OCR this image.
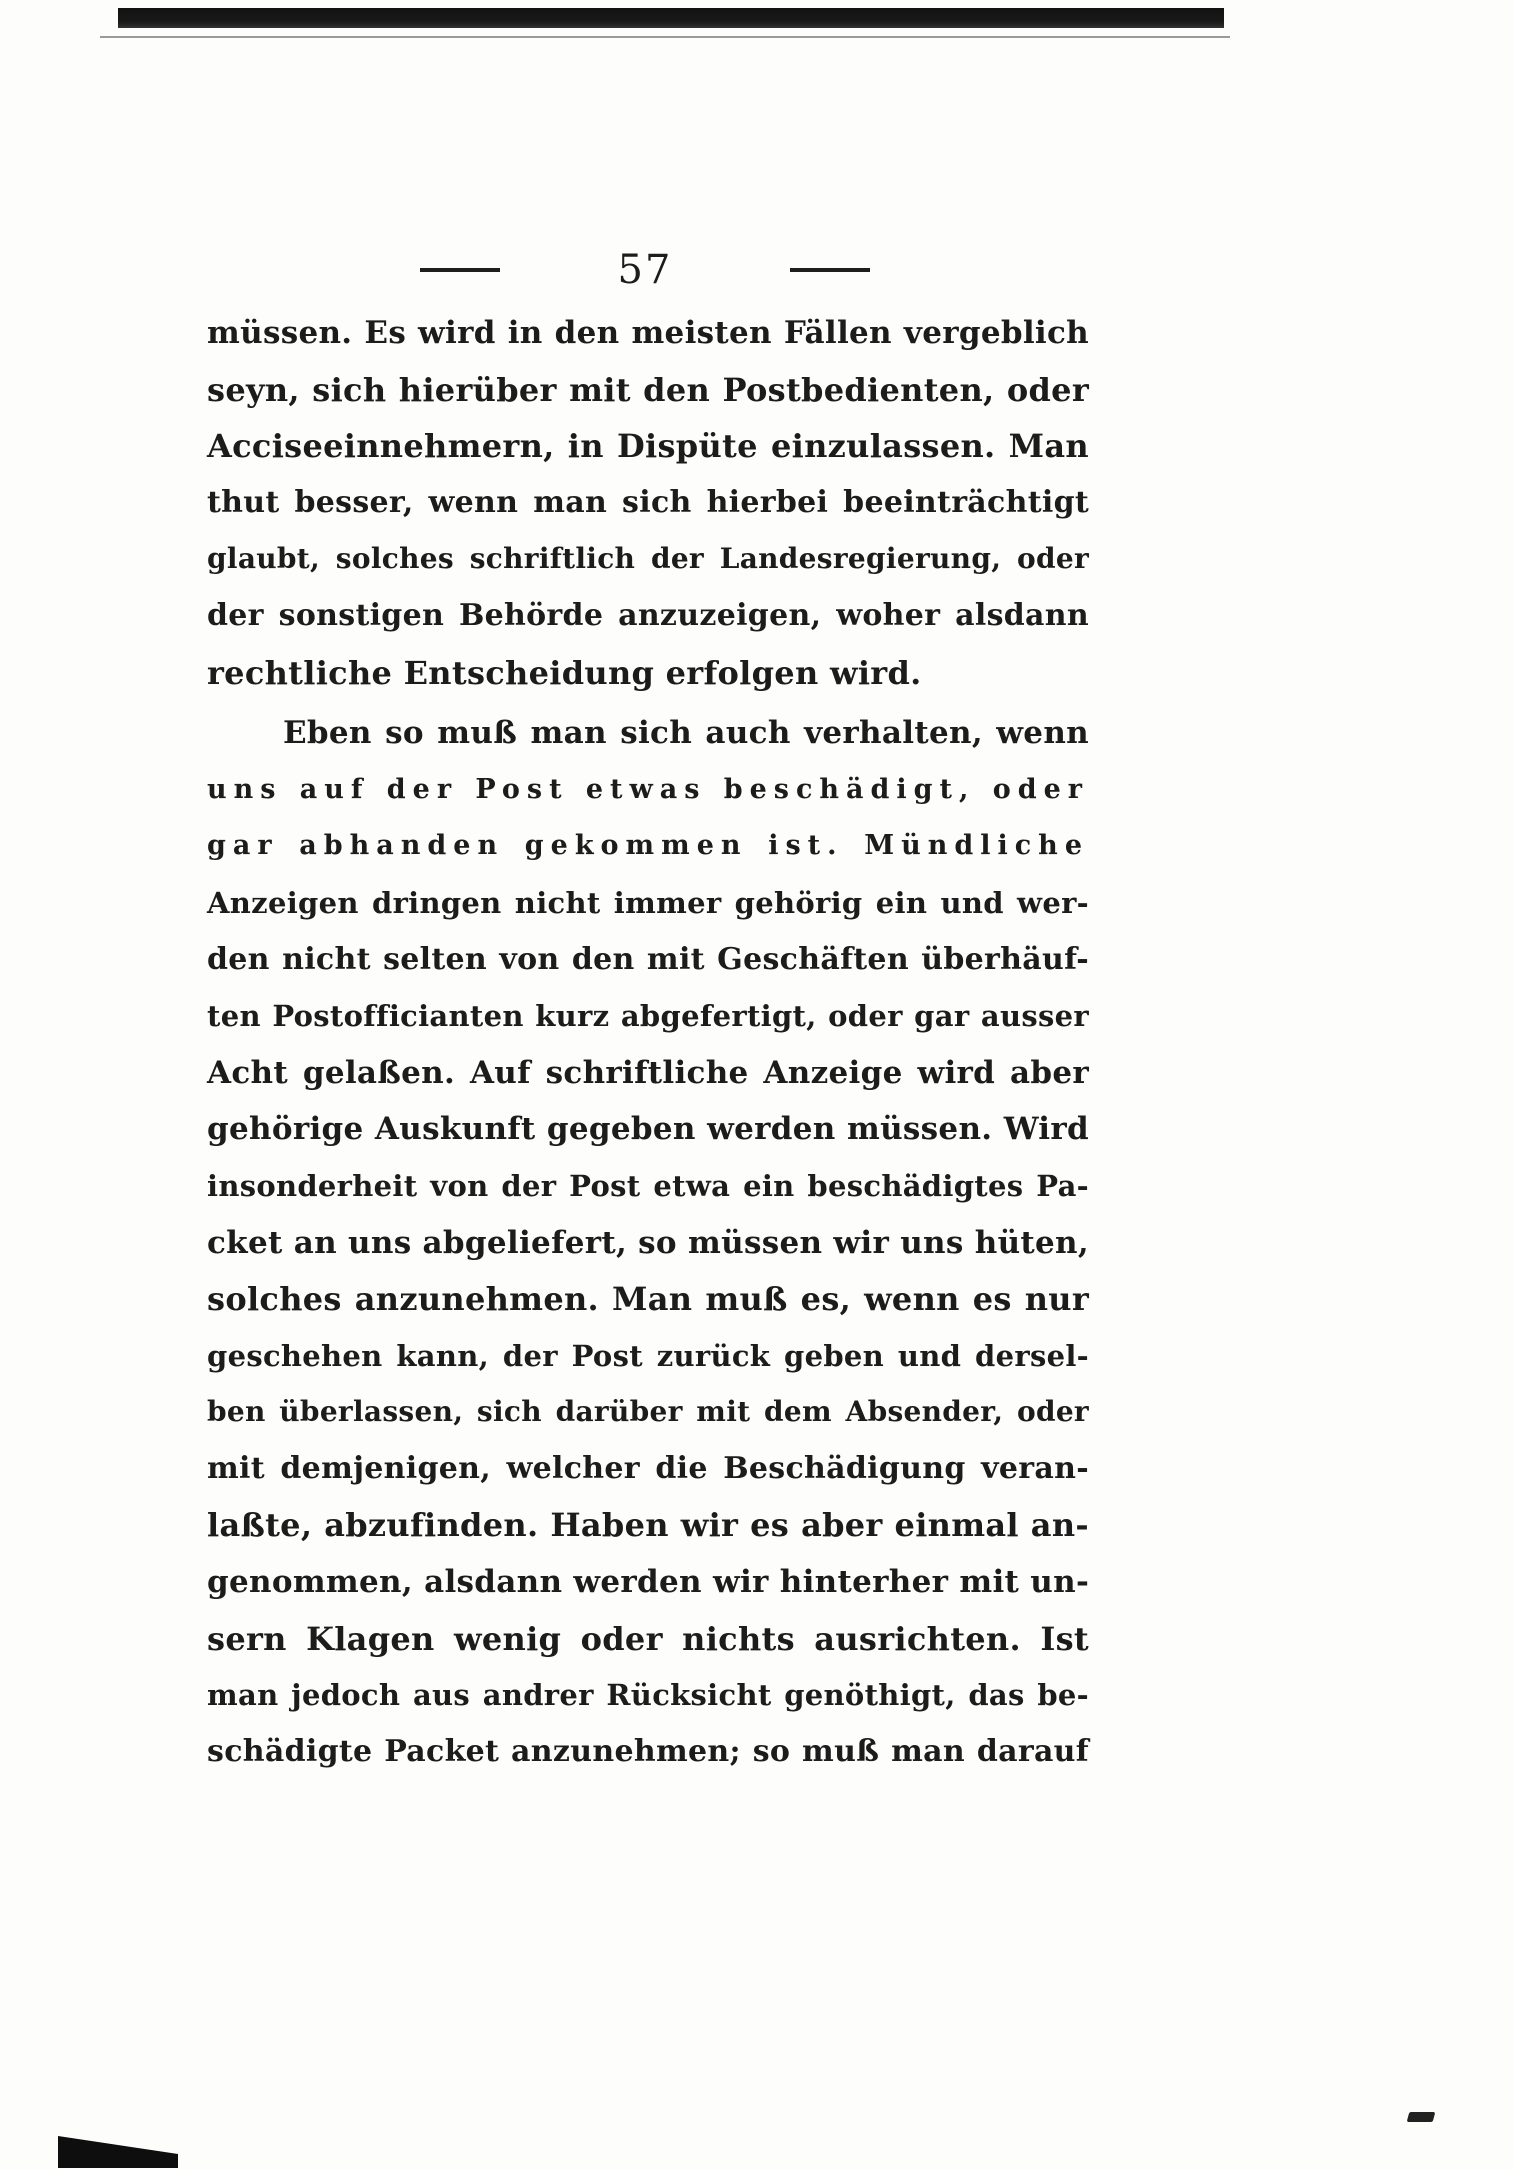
57
müssen. Es wird in den meisten Fällen vergeblich
seyn, sich hierüber mit den Postbedienten, oder
Acciseeinnehmern, in Dispüte einzulassen. Man
thut besser, wenn man sich hierbei beeinträchtigt
glaubt, solches schriftlich der Landesregierung, oder
der sonstigen Behörde anzuzeigen, woher alsdann
rechtliche Entscheidung erfolgen wird.
Eben so muß man sich auch verhalten, wenn
uns auf der Post etwas beschädigt, oder
gar abhanden gekommen ist. Mündliche
Anzeigen dringen nicht immer gehörig ein und wer-
den nicht selten von den mit Geschäften überhäuf-
ten Postofficianten kurz abgefertigt, oder gar ausser
Acht gelaßen. Auf schriftliche Anzeige wird aber
gehörige Auskunft gegeben werden müssen. Wird
insonderheit von der Post etwa ein beschädigtes Pa-
cket an uns abgeliefert, so müssen wir uns hüten,
solches anzunehmen. Man muß es, wenn es nur
geschehen kann, der Post zurück geben und dersel-
ben überlassen, sich darüber mit dem Absender, oder
mit demjenigen, welcher die Beschädigung veran-
laßte, abzufinden. Haben wir es aber einmal an-
genommen, alsdann werden wir hinterher mit un-
sern Klagen wenig oder nichts ausrichten. Ist
man jedoch aus andrer Rücksicht genöthigt, das be-
schädigte Packet anzunehmen; so muß man darauf
